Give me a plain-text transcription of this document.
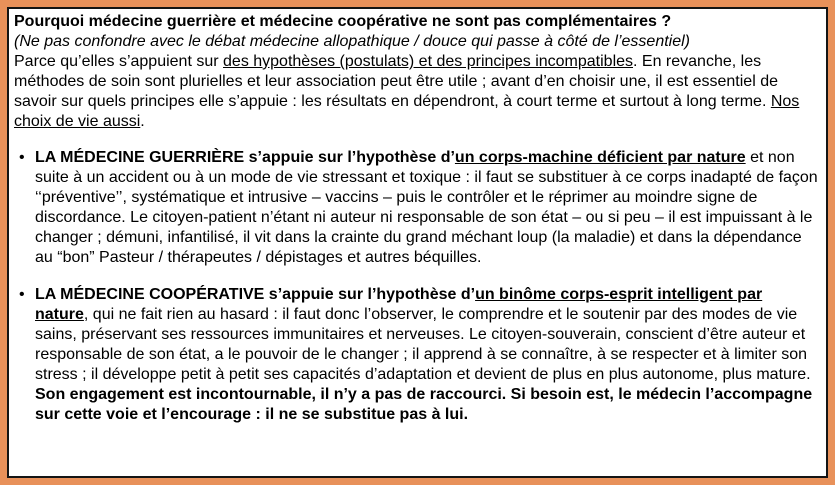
Pourquoi médecine guerrière et médecine coopérative ne sont pas complémentaires ?

(Ne pas confondre avec le débat médecine allopathique / douce qui passe à côté de l’essentiel)

Parce qu’elles s’appuient sur des hypothèses (postulats) et des principes incompatibles. En revanche, les méthodes de soin sont plurielles et leur association peut être utile ; avant d’en choisir une, il est essentiel de savoir sur quels principes elle s’appuie : les résultats en dépendront, à court terme et surtout à long terme. Nos choix de vie aussi.

• LA MÉDECINE GUERRIÈRE s’appuie sur l’hypothèse d’un corps-machine déficient par nature et non suite à un accident ou à un mode de vie stressant et toxique : il faut se substituer à ce corps inadapté de façon ‘‘préventive’’, systématique et intrusive – vaccins – puis le contrôler et le réprimer au moindre signe de discordance. Le citoyen-patient n’étant ni auteur ni responsable de son état – ou si peu – il est impuissant à le changer ; démuni, infantilisé, il vit dans la crainte du grand méchant loup (la maladie) et dans la dépendance au “bon” Pasteur / thérapeutes / dépistages et autres béquilles.

• LA MÉDECINE COOPÉRATIVE s’appuie sur l’hypothèse d’un binôme corps-esprit intelligent par nature, qui ne fait rien au hasard : il faut donc l’observer, le comprendre et le soutenir par des modes de vie sains, préservant ses ressources immunitaires et nerveuses. Le citoyen-souverain, conscient d’être auteur et responsable de son état, a le pouvoir de le changer ; il apprend à se connaître, à se respecter et à limiter son stress ; il développe petit à petit ses capacités d’adaptation et devient de plus en plus autonome, plus mature.

Son engagement est incontournable, il n’y a pas de raccourci. Si besoin est, le médecin l’accompagne sur cette voie et l’encourage : il ne se substitue pas à lui.
